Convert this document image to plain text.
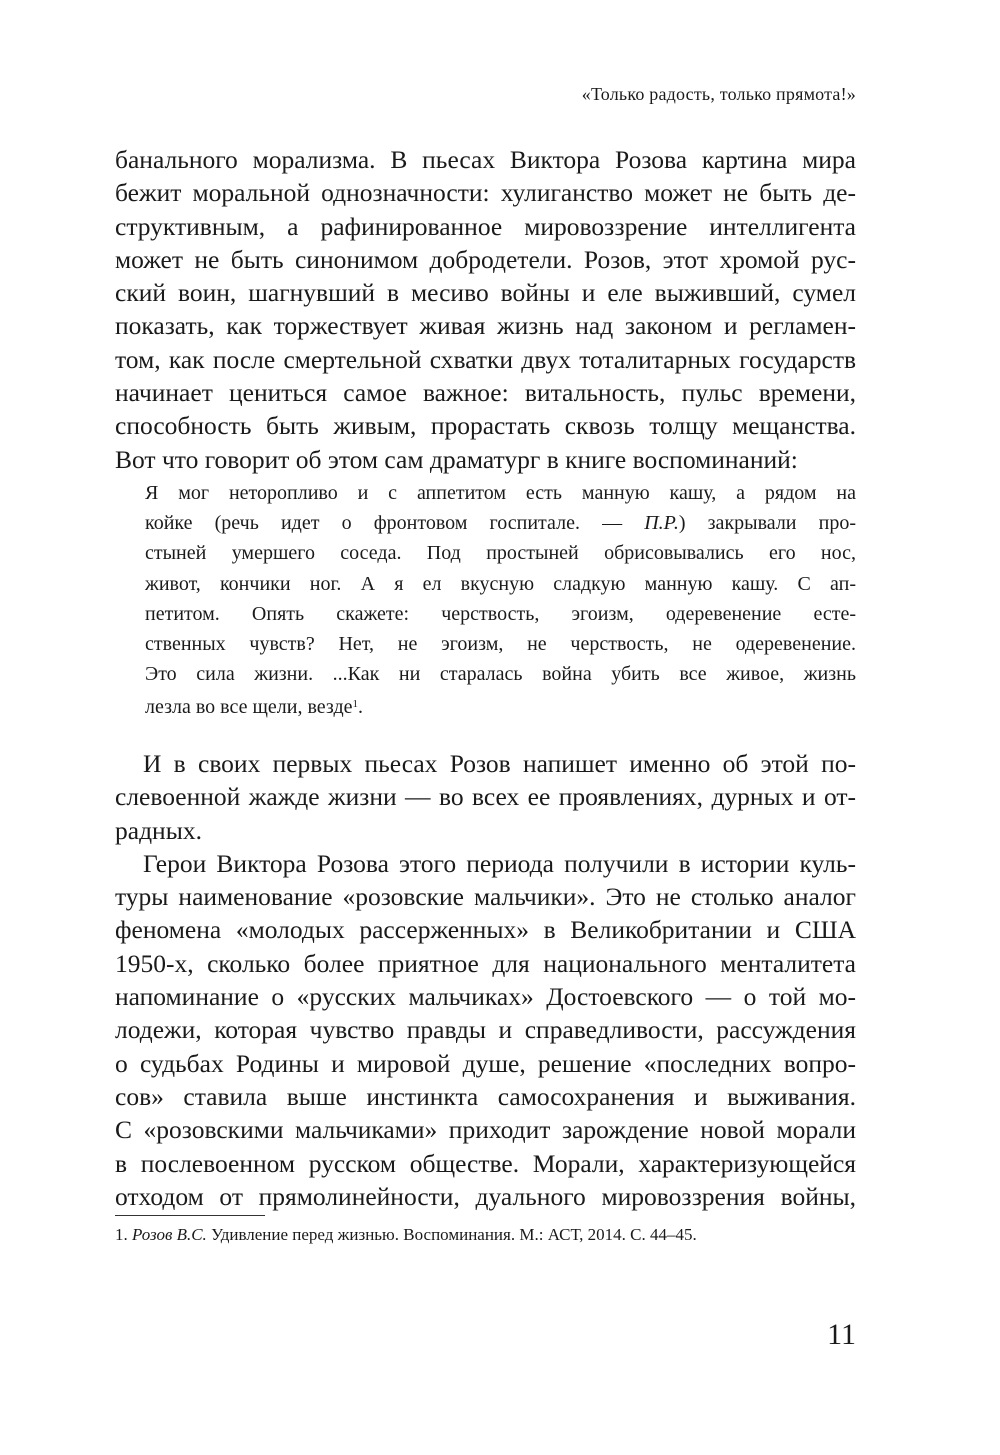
«Только радость, только прямота!»
банального морализма. В пьесах Виктора Розова картина мира
бежит моральной однозначности: хулиганство может не быть де-
структивным, а рафинированное мировоззрение интеллигента
может не быть синонимом добродетели. Розов, этот хромой рус-
ский воин, шагнувший в месиво войны и еле выживший, сумел
показать, как торжествует живая жизнь над законом и регламен-
том, как после смертельной схватки двух тоталитарных государств
начинает цениться самое важное: витальность, пульс времени,
способность быть живым, прорастать сквозь толщу мещанства.
Вот что говорит об этом сам драматург в книге воспоминаний:
Я мог неторопливо и с аппетитом есть манную кашу, а рядом на
койке (речь идет о фронтовом госпитале. — П.Р.) закрывали про-
стыней умершего соседа. Под простыней обрисовывались его нос,
живот, кончики ног. А я ел вкусную сладкую манную кашу. С ап-
петитом. Опять скажете: черствость, эгоизм, одеревенение есте-
ственных чувств? Нет, не эгоизм, не черствость, не одеревенение.
Это сила жизни. ...Как ни старалась война убить все живое, жизнь
лезла во все щели, везде$^1$.
И в своих первых пьесах Розов напишет именно об этой по-
слевоенной жажде жизни — во всех ее проявлениях, дурных и от-
радных.
Герои Виктора Розова этого периода получили в истории куль-
туры наименование «розовские мальчики». Это не столько аналог
феномена «молодых рассерженных» в Великобритании и США
1950-х, сколько более приятное для национального менталитета
напоминание о «русских мальчиках» Достоевского — о той мо-
лодежи, которая чувство правды и справедливости, рассуждения
о судьбах Родины и мировой душе, решение «последних вопро-
сов» ставила выше инстинкта самосохранения и выживания.
С «розовскими мальчиками» приходит зарождение новой морали
в послевоенном русском обществе. Морали, характеризующейся
отходом от прямолинейности, дуального мировоззрения войны,
1. Розов В.С. Удивление перед жизнью. Воспоминания. М.: АСТ, 2014. С. 44–45.
11
